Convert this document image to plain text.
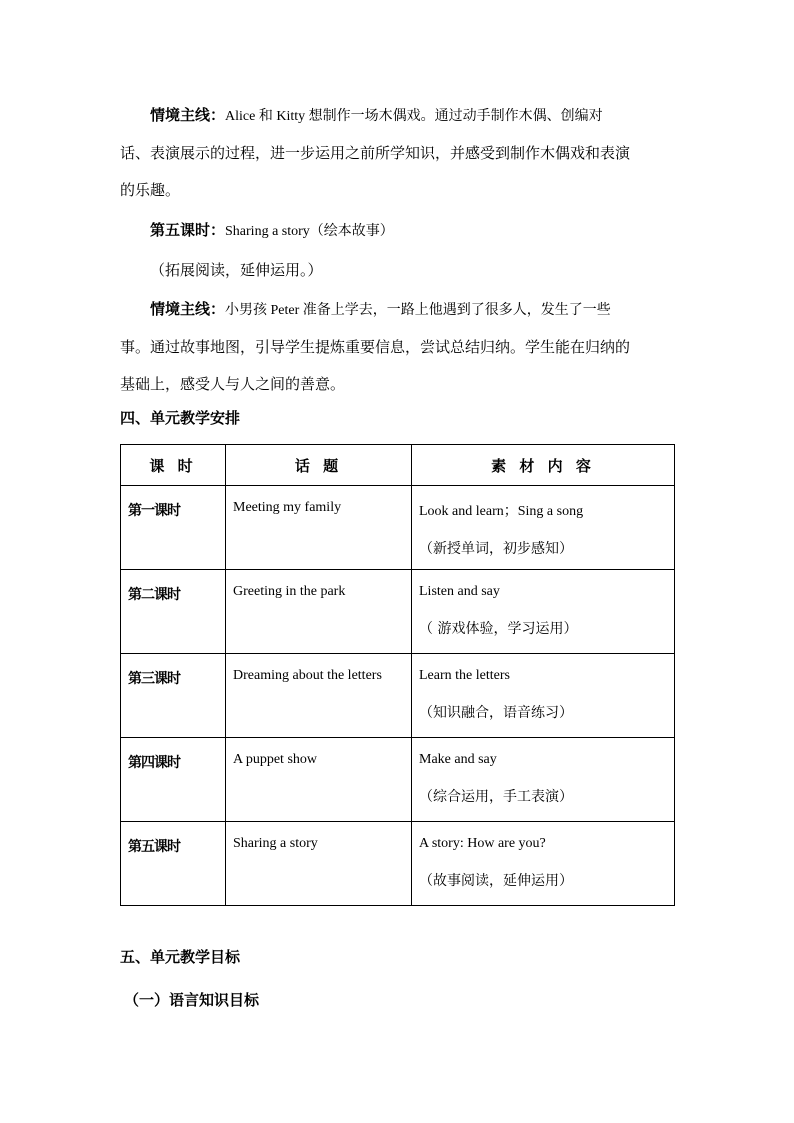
情境主线：Alice 和 Kitty 想制作一场木偶戏。通过动手制作木偶、创编对
话、表演展示的过程，进一步运用之前所学知识，并感受到制作木偶戏和表演
的乐趣。
第五课时：Sharing a story（绘本故事）
（拓展阅读，延伸运用。）
情境主线：小男孩 Peter 准备上学去，一路上他遇到了很多人，发生了一些
事。通过故事地图，引导学生提炼重要信息，尝试总结归纳。学生能在归纳的
基础上，感受人与人之间的善意。
四、单元教学安排
课 时	话 题	素 材 内 容

第一课时	Meeting my family	Look and learn；Sing a song
（新授单词，初步感知）

第二课时	Greeting in the park	Listen and say
（ 游戏体验，学习运用）

第三课时	Dreaming about the letters	Learn the letters
（知识融合，语音练习）

第四课时	A puppet show	Make and say
（综合运用，手工表演）

第五课时	Sharing a story	A story: How are you?
（故事阅读，延伸运用）
五、单元教学目标
（一）语言知识目标
